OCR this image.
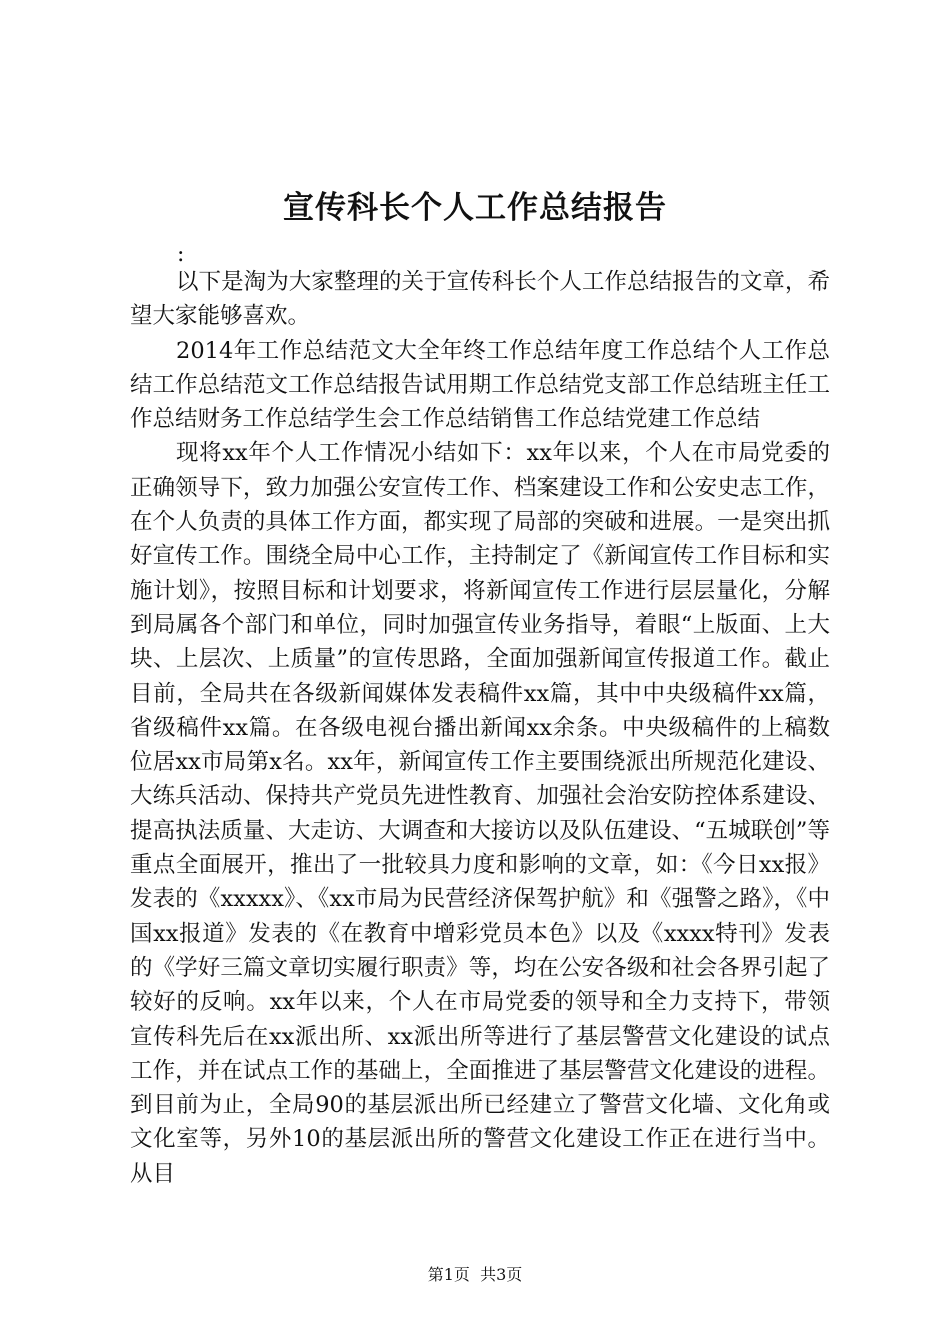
宣传科长个人工作总结报告

:

以下是淘为大家整理的关于宣传科长个人工作总结报告的文章，希望大家能够喜欢。

2014年工作总结范文大全年终工作总结年度工作总结个人工作总结工作总结范文工作总结报告试用期工作总结党支部工作总结班主任工作总结财务工作总结学生会工作总结销售工作总结党建工作总结

现将xx年个人工作情况小结如下：xx年以来，个人在市局党委的正确领导下，致力加强公安宣传工作、档案建设工作和公安史志工作，在个人负责的具体工作方面，都实现了局部的突破和进展。一是突出抓好宣传工作。围绕全局中心工作，主持制定了《新闻宣传工作目标和实施计划》，按照目标和计划要求，将新闻宣传工作进行层层量化，分解到局属各个部门和单位，同时加强宣传业务指导，着眼“上版面、上大块、上层次、上质量”的宣传思路，全面加强新闻宣传报道工作。截止目前，全局共在各级新闻媒体发表稿件xx篇，其中中央级稿件xx篇，省级稿件xx篇。在各级电视台播出新闻xx余条。中央级稿件的上稿数位居xx市局第x名。xx年，新闻宣传工作主要围绕派出所规范化建设、大练兵活动、保持共产党员先进性教育、加强社会治安防控体系建设、提高执法质量、大走访、大调查和大接访以及队伍建设、“五城联创”等重点全面展开，推出了一批较具力度和影响的文章，如：《今日xx报》发表的《xxxxx》、《xx市局为民营经济保驾护航》和《强警之路》，《中国xx报道》发表的《在教育中增彩党员本色》以及《xxxx特刊》发表的《学好三篇文章切实履行职责》等，均在公安各级和社会各界引起了较好的反响。xx年以来，个人在市局党委的领导和全力支持下，带领宣传科先后在xx派出所、xx派出所等进行了基层警营文化建设的试点工作，并在试点工作的基础上，全面推进了基层警营文化建设的进程。到目前为止，全局90的基层派出所已经建立了警营文化墙、文化角或文化室等，另外10的基层派出所的警营文化建设工作正在进行当中。从目

第1页  共3页
